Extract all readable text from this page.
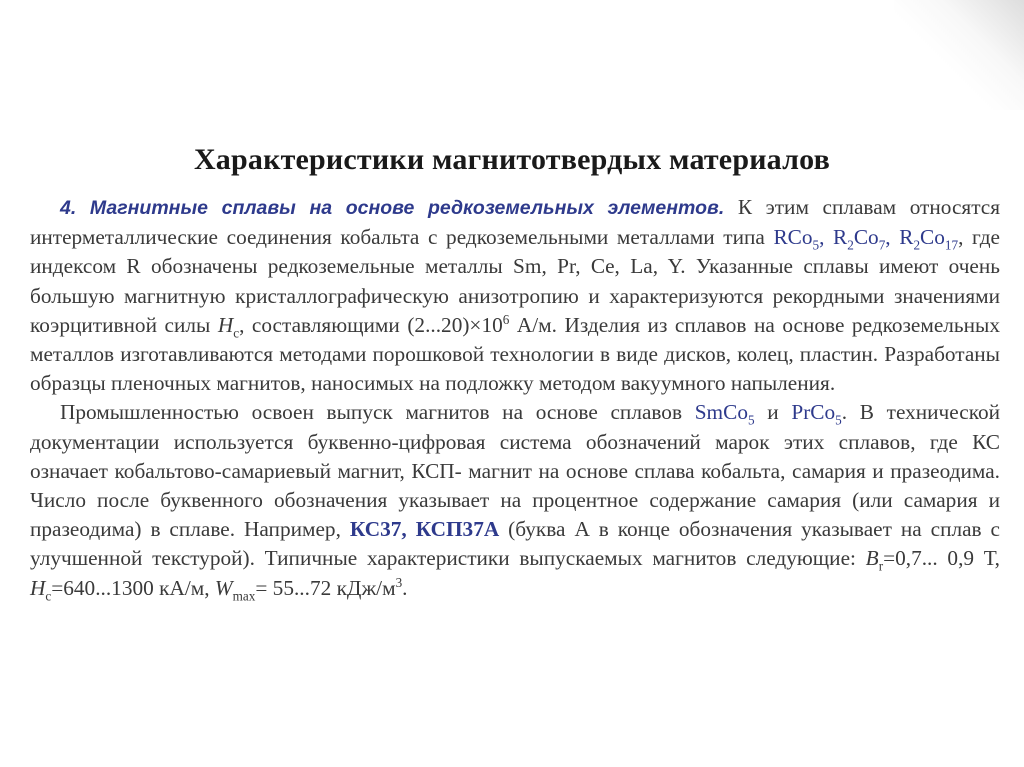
Характеристики магнитотвердых материалов

4. Магнитные сплавы на основе редкоземельных элементов. К этим сплавам относятся интерметаллические соединения кобальта с редкоземельными металлами типа RCo$_5$, $R_2Co_7$, $R_2Co_{17}$, где индексом R обозначены редкоземельные металлы Sm, Pr, Ce, La, Y. Указанные сплавы имеют очень большую магнитную кристаллографическую анизотропию и характеризуются рекордными значениями коэрцитивной силы $H_c$, составляющими $(2...20)\times 10^6$ А/м. Изделия из сплавов на основе редкоземельных металлов изготавливаются методами порошковой технологии в виде дисков, колец, пластин. Разработаны образцы пленочных магнитов, наносимых на подложку методом вакуумного напыления.

Промышленностью освоен выпуск магнитов на основе сплавов SmCo$_5$ и PrCo$_5$. В технической документации используется буквенно-цифровая система обозначений марок этих сплавов, где КС означает кобальтово-самариевый магнит, КСП- магнит на основе сплава кобальта, самария и празеодима. Число после буквенного обозначения указывает на процентное содержание самария (или самария и празеодима) в сплаве. Например, КС37, КСП37А (буква А в конце обозначения указывает на сплав с улучшенной текстурой). Типичные характеристики выпускаемых магнитов следующие: $B_r=0,7$... 0,9 Т, $H_c=640...1300$ кА/м, $W_{max}= 55...72$ кДж/$м^3$.
